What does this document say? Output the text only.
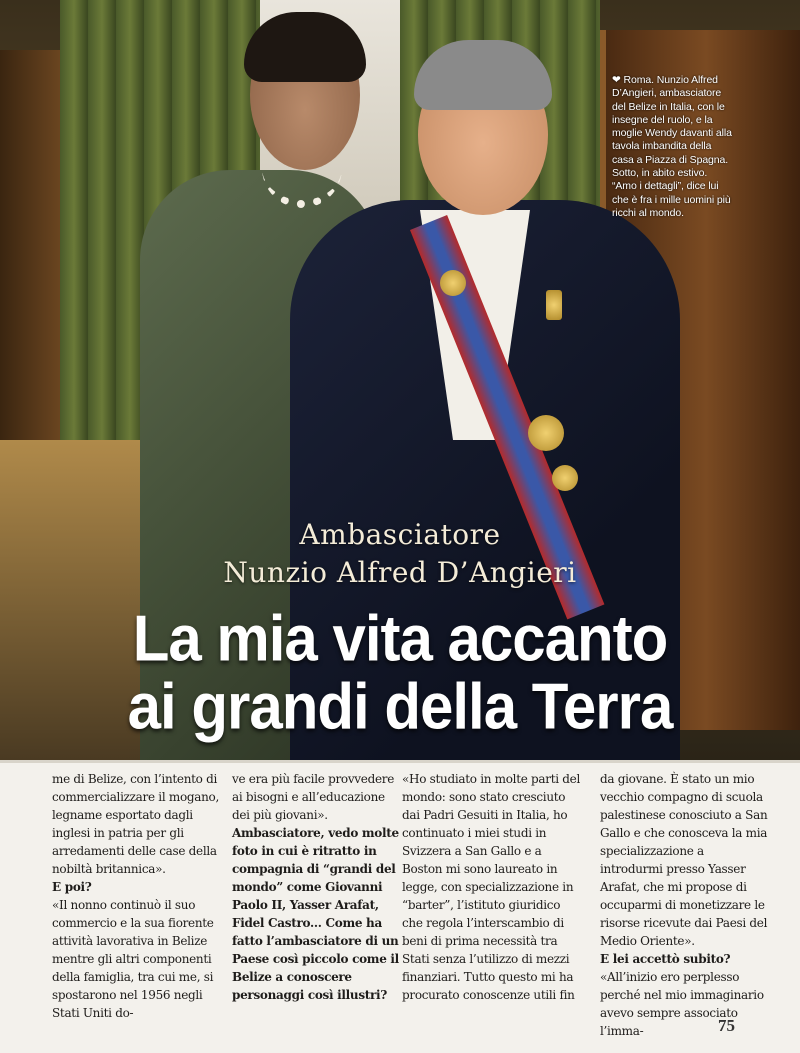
❤ Roma. Nunzio Alfred D’Angieri, ambasciatore del Belize in Italia, con le insegne del ruolo, e la moglie Wendy davanti alla tavola imbandita della casa a Piazza di Spagna. Sotto, in abito estivo. “Amo i dettagli”, dice lui che è fra i mille uomini più ricchi al mondo.
Ambasciatore
Nunzio Alfred D’Angieri
La mia vita accanto
ai grandi della Terra

me di Belize, con l’intento di commercializzare il mogano, legname esportato dagli inglesi in patria per gli arredamenti delle case della nobiltà britannica».

E poi?

«Il nonno continuò il suo commercio e la sua fiorente attività lavorativa in Belize mentre gli altri componenti della famiglia, tra cui me, si spostarono nel 1956 negli Stati Uniti do-

ve era più facile provvedere ai bisogni e all’educazione dei più giovani».

Ambasciatore, vedo molte foto in cui è ritratto in compagnia di “grandi del mondo” come Giovanni Paolo II, Yasser Arafat, Fidel Castro... Come ha fatto l’ambasciatore di un Paese così piccolo come il Belize a conoscere personaggi così illustri?

«Ho studiato in molte parti del mondo: sono stato cresciuto dai Padri Gesuiti in Italia, ho continuato i miei studi in Svizzera a San Gallo e a Boston mi sono laureato in legge, con specializzazione in “barter”, l’istituto giuridico che regola l’interscambio di beni di prima necessità tra Stati senza l’utilizzo di mezzi finanziari. Tutto questo mi ha procurato conoscenze utili fin

da giovane. È stato un mio vecchio compagno di scuola palestinese conosciuto a San Gallo e che conosceva la mia specializzazione a introdurmi presso Yasser Arafat, che mi propose di occuparmi di monetizzare le risorse ricevute dai Paesi del Medio Oriente».

E lei accettò subito?

«All’inizio ero perplesso perché nel mio immaginario avevo sempre associato l’imma-	75
